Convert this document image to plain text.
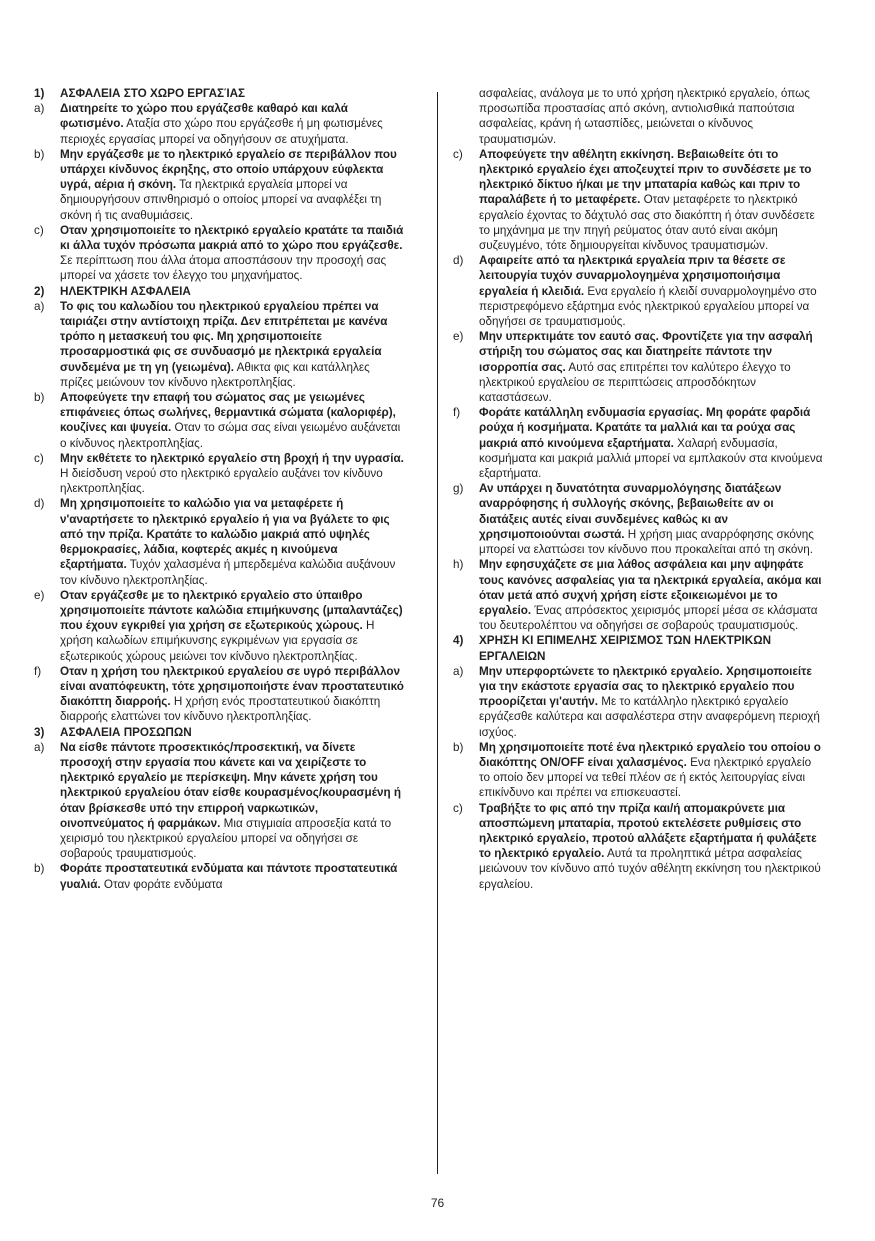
1) ΑΣΦΑΛΕΙΑ ΣΤΟ ΧΩΡΟ ΕΡΓΑΣΊΑΣ
a) Διατηρείτε το χώρο που εργάζεσθε καθαρό και καλά φωτισμένο. Αταξία στο χώρο που εργάζεσθε ή μη φωτισμένες περιοχές εργασίας μπορεί να οδηγήσουν σε ατυχήματα.
b) Μην εργάζεσθε με το ηλεκτρικό εργαλείο σε περιβάλλον που υπάρχει κίνδυνος έκρηξης, στο οποίο υπάρχουν εύφλεκτα υγρά, αέρια ή σκόνη. Τα ηλεκτρικά εργαλεία μπορεί να δημιουργήσουν σπινθηρισμό ο οποίος μπορεί να αναφλέξει τη σκόνη ή τις αναθυμιάσεις.
c) Οταν χρησιμοποιείτε το ηλεκτρικό εργαλείο κρατάτε τα παιδιά κι άλλα τυχόν πρόσωπα μακριά από το χώρο που εργάζεσθε. Σε περίπτωση που άλλα άτομα αποσπάσουν την προσοχή σας μπορεί να χάσετε τον έλεγχο του μηχανήματος.
2) ΗΛΕΚΤΡΙΚΗ ΑΣΦΑΛΕΙΑ
a) Το φις του καλωδίου του ηλεκτρικού εργαλείου πρέπει να ταιριάζει στην αντίστοιχη πρίζα. Δεν επιτρέπεται με κανένα τρόπο η μετασκευή του φις. Μη χρησιμοποιείτε προσαρμοστικά φις σε συνδυασμό με ηλεκτρικά εργαλεία συνδεμένα με τη γη (γειωμένα). Αθικτα φις και κατάλληλες πρίζες μειώνουν τον κίνδυνο ηλεκτροπληξίας.
b) Αποφεύγετε την επαφή του σώματος σας με γειωμένες επιφάνειες όπως σωλήνες, θερμαντικά σώματα (καλοριφέρ), κουζίνες και ψυγεία. Οταν το σώμα σας είναι γειωμένο αυξάνεται ο κίνδυνος ηλεκτροπληξίας.
c) Μην εκθέτετε το ηλεκτρικό εργαλείο στη βροχή ή την υγρασία. Η διείσδυση νερού στο ηλεκτρικό εργαλείο αυξάνει τον κίνδυνο ηλεκτροπληξίας.
d) Μη χρησιμοποιείτε το καλώδιο για να μεταφέρετε ή ν'αναρτήσετε το ηλεκτρικό εργαλείο ή για να βγάλετε το φις από την πρίζα. Κρατάτε το καλώδιο μακριά από υψηλές θερμοκρασίες, λάδια, κοφτερές ακμές η κινούμενα εξαρτήματα. Τυχόν χαλασμένα ή μπερδεμένα καλώδια αυξάνουν τον κίνδυνο ηλεκτροπληξίας.
e) Οταν εργάζεσθε με το ηλεκτρικό εργαλείο στο ύπαιθρο χρησιμοποιείτε πάντοτε καλώδια επιμήκυνσης (μπαλαντάζες) που έχουν εγκριθεί για χρήση σε εξωτερικούς χώρους. Η χρήση καλωδίων επιμήκυνσης εγκριμένων για εργασία σε εξωτερικούς χώρους μειώνει τον κίνδυνο ηλεκτροπληξίας.
f) Οταν η χρήση του ηλεκτρικού εργαλείου σε υγρό περιβάλλον είναι αναπόφευκτη, τότε χρησιμοποιήστε έναν προστατευτικό διακόπτη διαρροής. Η χρήση ενός προστατευτικού διακόπτη διαρροής ελαττώνει τον κίνδυνο ηλεκτροπληξίας.
3) ΑΣΦΑΛΕΙΑ ΠΡΟΣΩΠΩΝ
a) Να είσθε πάντοτε προσεκτικός/προσεκτική, να δίνετε προσοχή στην εργασία που κάνετε και να χειρίζεστε το ηλεκτρικό εργαλείο με περίσκεψη. Μην κάνετε χρήση του ηλεκτρικού εργαλείου όταν είσθε κουρασμένος/κουρασμένη ή όταν βρίσκεσθε υπό την επιρροή ναρκωτικών, οινοπνεύματος ή φαρμάκων. Μια στιγμιαία απροσεξία κατά το χειρισμό του ηλεκτρικού εργαλείου μπορεί να οδηγήσει σε σοβαρούς τραυματισμούς.
b) Φοράτε προστατευτικά ενδύματα και πάντοτε προστατευτικά γυαλιά. Οταν φοράτε ενδύματα
ασφαλείας, ανάλογα με το υπό χρήση ηλεκτρικό εργαλείο, όπως προσωπίδα προστασίας από σκόνη, αντιολισθικά παπούτσια ασφαλείας, κράνη ή ωτασπίδες, μειώνεται ο κίνδυνος τραυματισμών.
c) Αποφεύγετε την αθέλητη εκκίνηση. Βεβαιωθείτε ότι το ηλεκτρικό εργαλείο έχει αποζευχτεί πριν το συνδέσετε με το ηλεκτρικό δίκτυο ή/και με την μπαταρία καθώς και πριν το παραλάβετε ή το μεταφέρετε. Οταν μεταφέρετε το ηλεκτρικό εργαλείο έχοντας το δάχτυλό σας στο διακόπτη ή όταν συνδέσετε το μηχάνημα με την πηγή ρεύματος όταν αυτό είναι ακόμη συζευγμένο, τότε δημιουργείται κίνδυνος τραυματισμών.
d) Αφαιρείτε από τα ηλεκτρικά εργαλεία πριν τα θέσετε σε λειτουργία τυχόν συναρμολογημένα χρησιμοποιήσιμα εργαλεία ή κλειδιά. Ενα εργαλείο ή κλειδί συναρμολογημένο στο περιστρεφόμενο εξάρτημα ενός ηλεκτρικού εργαλείου μπορεί να οδηγήσει σε τραυματισμούς.
e) Μην υπερκτιμάτε τον εαυτό σας. Φροντίζετε για την ασφαλή στήριξη του σώματος σας και διατηρείτε πάντοτε την ισορροπία σας. Αυτό σας επιτρέπει τον καλύτερο έλεγχο το ηλεκτρικού εργαλείου σε περιπτώσεις απροσδόκητων καταστάσεων.
f) Φοράτε κατάλληλη ενδυμασία εργασίας. Μη φοράτε φαρδιά ρούχα ή κοσμήματα. Κρατάτε τα μαλλιά και τα ρούχα σας μακριά από κινούμενα εξαρτήματα. Χαλαρή ενδυμασία, κοσμήματα και μακριά μαλλιά μπορεί να εμπλακούν στα κινούμενα εξαρτήματα.
g) Αν υπάρχει η δυνατότητα συναρμολόγησης διατάξεων αναρρόφησης ή συλλογής σκόνης, βεβαιωθείτε αν οι διατάξεις αυτές είναι συνδεμένες καθώς κι αν χρησιμοποιούνται σωστά. Η χρήση μιας αναρρόφησης σκόνης μπορεί να ελαττώσει τον κίνδυνο που προκαλείται από τη σκόνη.
h) Μην εφησυχάζετε σε μια λάθος ασφάλεια και μην αψηφάτε τους κανόνες ασφαλείας για τα ηλεκτρικά εργαλεία, ακόμα και όταν μετά από συχνή χρήση είστε εξοικειωμένοι με το εργαλείο. Ένας απρόσεκτος χειρισμός μπορεί μέσα σε κλάσματα του δευτερολέπτου να οδηγήσει σε σοβαρούς τραυματισμούς.
4) ΧΡΗΣΗ ΚΙ ΕΠΙΜΕΛΗΣ ΧΕΙΡΙΣΜΟΣ ΤΩΝ ΗΛΕΚΤΡΙΚΩΝ ΕΡΓΑΛΕΙΩΝ
a) Μην υπερφορτώνετε το ηλεκτρικό εργαλείο. Χρησιμοποιείτε για την εκάστοτε εργασία σας το ηλεκτρικό εργαλείο που προορίζεται γι'αυτήν. Με το κατάλληλο ηλεκτρικό εργαλείο εργάζεσθε καλύτερα και ασφαλέστερα στην αναφερόμενη περιοχή ισχύος.
b) Μη χρησιμοποιείτε ποτέ ένα ηλεκτρικό εργαλείο του οποίου ο διακόπτης ON/OFF είναι χαλασμένος. Ενα ηλεκτρικό εργαλείο το οποίο δεν μπορεί να τεθεί πλέον σε ή εκτός λειτουργίας είναι επικίνδυνο και πρέπει να επισκευαστεί.
c) Τραβήξτε το φις από την πρίζα και/ή απομακρύνετε μια αποσπώμενη μπαταρία, προτού εκτελέσετε ρυθμίσεις στο ηλεκτρικό εργαλείο, προτού αλλάξετε εξαρτήματα ή φυλάξετε το ηλεκτρικό εργαλείο. Αυτά τα προληπτικά μέτρα ασφαλείας μειώνουν τον κίνδυνο από τυχόν αθέλητη εκκίνηση του ηλεκτρικού εργαλείου.
76
